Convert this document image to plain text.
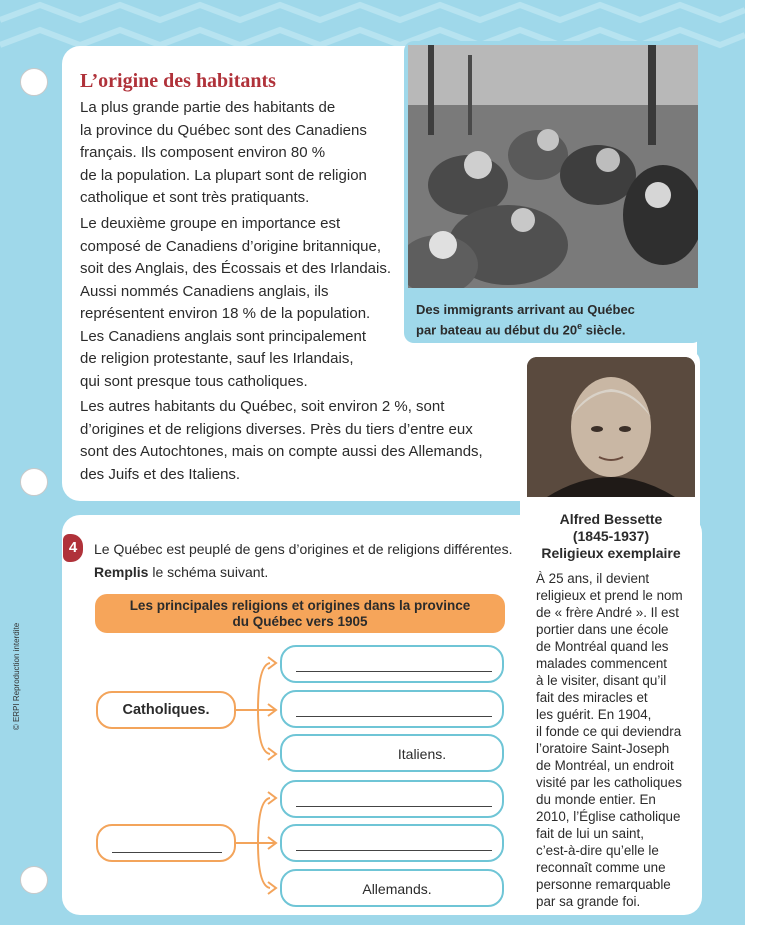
© ERPI Reproduction interdite
L’origine des habitants
La plus grande partie des habitants de
la province du Québec sont des Canadiens
français. Ils composent environ 80 %
de la population. La plupart sont de religion
catholique et sont très pratiquants.
Le deuxième groupe en importance est
composé de Canadiens d’origine britannique,
soit des Anglais, des Écossais et des Irlandais.
Aussi nommés Canadiens anglais, ils
représentent environ 18 % de la population.
Les Canadiens anglais sont principalement
de religion protestante, sauf les Irlandais,
qui sont presque tous catholiques.
Les autres habitants du Québec, soit environ 2 %, sont
d’origines et de religions diverses. Près du tiers d’entre eux
sont des Autochtones, mais on compte aussi des Allemands,
des Juifs et des Italiens.
Des immigrants arrivant au Québec
par bateau au début du 20e siècle.
Alfred Bessette
(1845-1937)
Religieux exemplaire
À 25 ans, il devient
religieux et prend le nom
de « frère André ». Il est
portier dans une école
de Montréal quand les
malades commencent
à le visiter, disant qu’il
fait des miracles et
les guérit. En 1904,
il fonde ce qui deviendra
l’oratoire Saint-Joseph
de Montréal, un endroit
visité par les catholiques
du monde entier. En
2010, l’Église catholique
fait de lui un saint,
c’est-à-dire qu’elle le
reconnaît comme une
personne remarquable
par sa grande foi.
4	Le Québec est peuplé de gens d’origines et de religions différentes.
Remplis le schéma suivant.
Les principales religions et origines dans la province
du Québec vers 1905
Catholiques.
Italiens.
Allemands.
